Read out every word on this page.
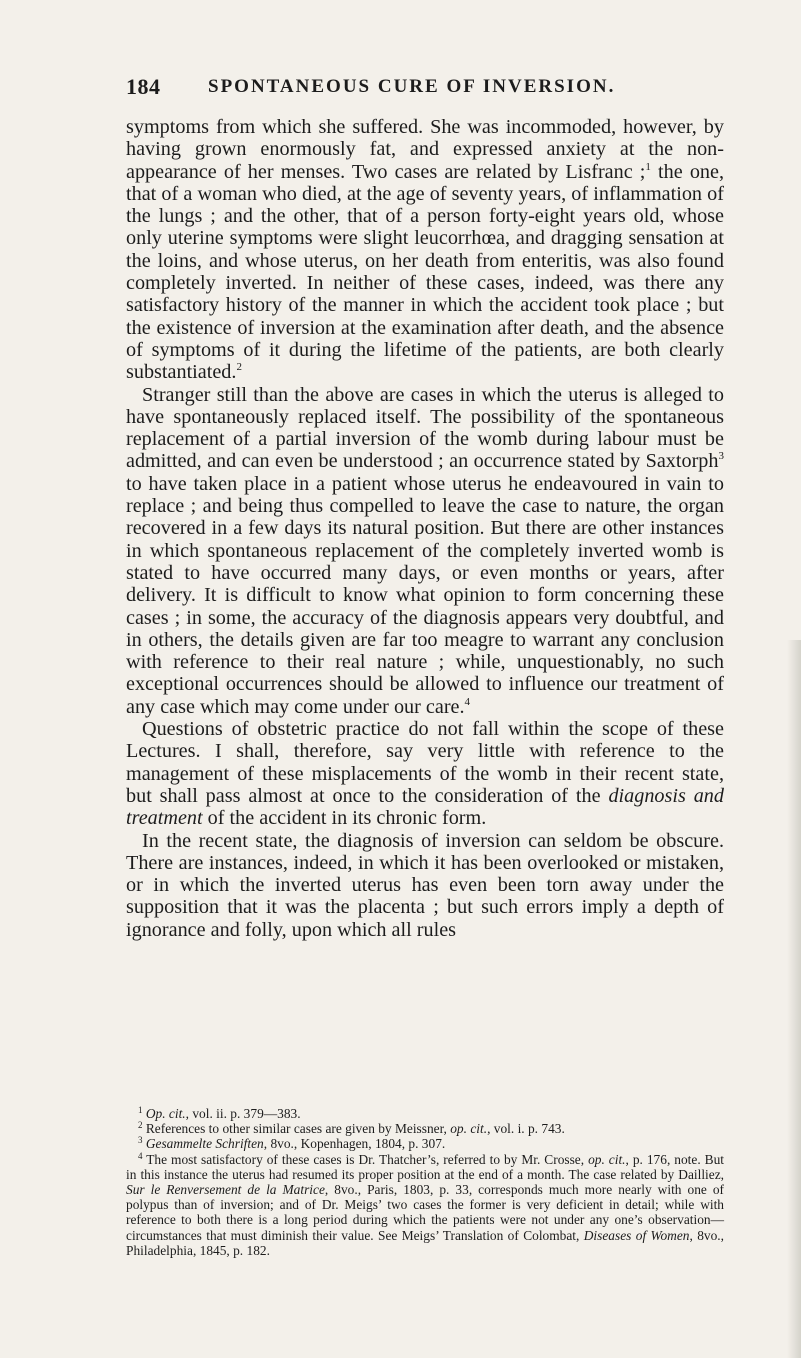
184	SPONTANEOUS CURE OF INVERSION.

symptoms from which she suffered. She was incommoded, however, by having grown enormously fat, and expressed anxiety at the non-appearance of her menses. Two cases are related by Lisfranc ;$^1$ the one, that of a woman who died, at the age of seventy years, of inflammation of the lungs ; and the other, that of a person forty-eight years old, whose only uterine symptoms were slight leucorrhœa, and dragging sensation at the loins, and whose uterus, on her death from enteritis, was also found completely inverted. In neither of these cases, indeed, was there any satisfactory history of the manner in which the accident took place ; but the existence of inversion at the examination after death, and the absence of symptoms of it during the lifetime of the patients, are both clearly substantiated.$^2$

Stranger still than the above are cases in which the uterus is alleged to have spontaneously replaced itself. The possibility of the spontaneous replacement of a partial inversion of the womb during labour must be admitted, and can even be understood ; an occurrence stated by Saxtorph$^3$ to have taken place in a patient whose uterus he endeavoured in vain to replace ; and being thus compelled to leave the case to nature, the organ recovered in a few days its natural position. But there are other instances in which spontaneous replacement of the completely inverted womb is stated to have occurred many days, or even months or years, after delivery. It is difficult to know what opinion to form concerning these cases ; in some, the accuracy of the diagnosis appears very doubtful, and in others, the details given are far too meagre to warrant any conclusion with reference to their real nature ; while, unquestionably, no such exceptional occurrences should be allowed to influence our treatment of any case which may come under our care.$^4$

Questions of obstetric practice do not fall within the scope of these Lectures. I shall, therefore, say very little with reference to the management of these misplacements of the womb in their recent state, but shall pass almost at once to the consideration of the diagnosis and treatment of the accident in its chronic form.

In the recent state, the diagnosis of inversion can seldom be obscure. There are instances, indeed, in which it has been overlooked or mistaken, or in which the inverted uterus has even been torn away under the supposition that it was the placenta ; but such errors imply a depth of ignorance and folly, upon which all rules

$^1$ Op. cit., vol. ii. p. 379—383.

$^2$ References to other similar cases are given by Meissner, op. cit., vol. i. p. 743.

$^3$ Gesammelte Schriften, 8vo., Kopenhagen, 1804, p. 307.

$^4$ The most satisfactory of these cases is Dr. Thatcher’s, referred to by Mr. Crosse, op. cit., p. 176, note. But in this instance the uterus had resumed its proper position at the end of a month. The case related by Dailliez, Sur le Renversement de la Matrice, 8vo., Paris, 1803, p. 33, corresponds much more nearly with one of polypus than of inversion; and of Dr. Meigs’ two cases the former is very deficient in detail; while with reference to both there is a long period during which the patients were not under any one’s observation—circumstances that must diminish their value. See Meigs’ Translation of Colombat, Diseases of Women, 8vo., Philadelphia, 1845, p. 182.
